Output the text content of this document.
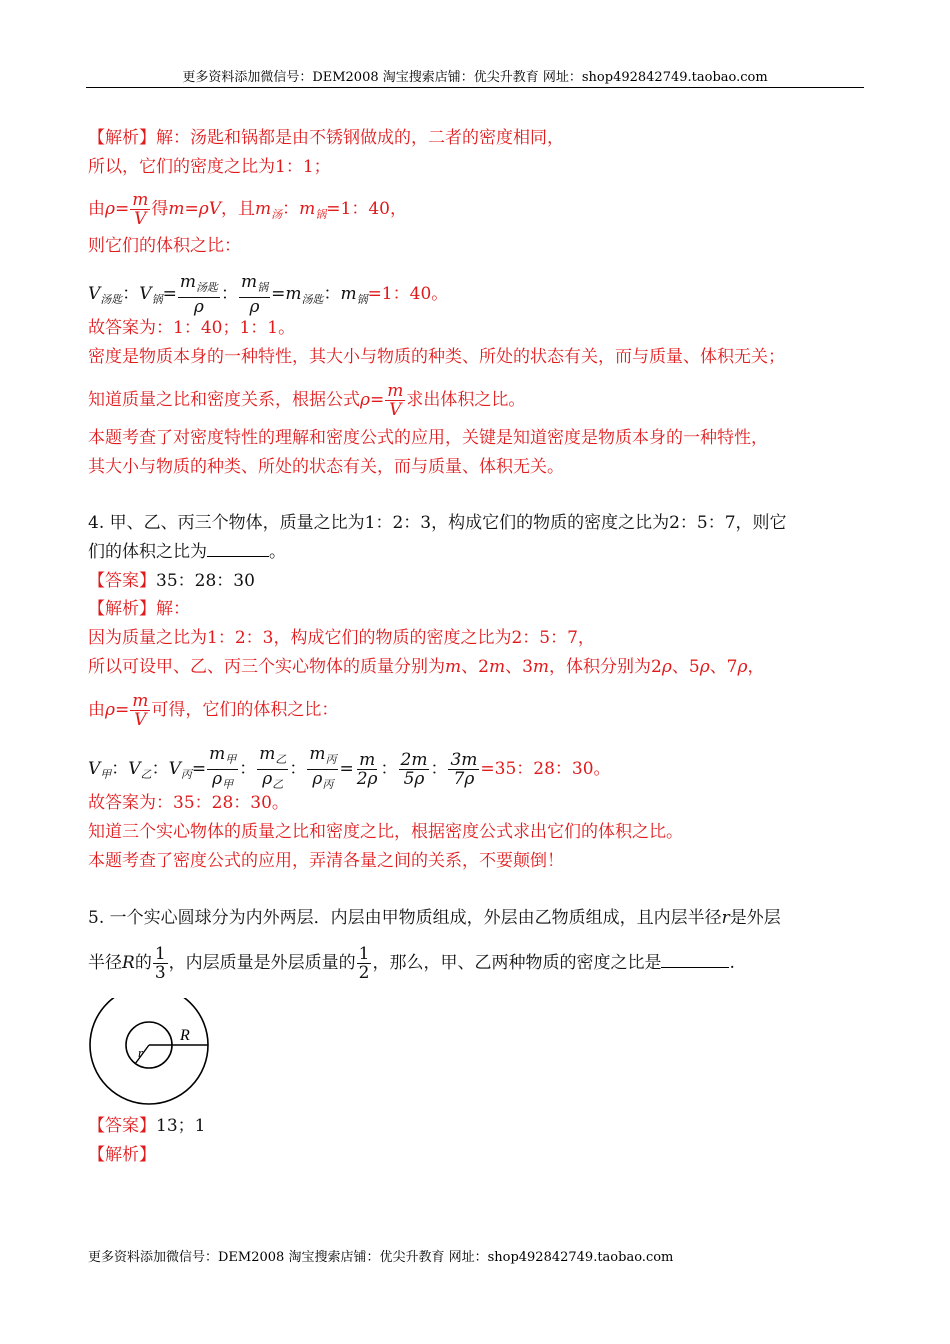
更多资料添加微信号：DEM2008 淘宝搜索店铺：优尖升教育 网址：shop492842749.taobao.com
【解析】解：汤匙和锅都是由不锈钢做成的，二者的密度相同，
所以，它们的密度之比为1：1；
由$\rho= \frac{m}{V}$ 得m=ρV，且$m_汤$：$m_锅=1$：40，
则它们的体积之比：
$V_{汤匙}$：$V_锅= \frac{m_{汤匙}}{\rho}$ ： $\frac{m_锅}{\rho} =m_{汤匙}$：$m_锅=1$：40。
故答案为：1：40；1：1。
密度是物质本身的一种特性，其大小与物质的种类、所处的状态有关，而与质量、体积无关；
知道质量之比和密度关系，根据公式$\rho= \frac{m}{V}$ 求出体积之比。
本题考查了对密度特性的理解和密度公式的应用，关键是知道密度是物质本身的一种特性，
其大小与物质的种类、所处的状态有关，而与质量、体积无关。
4. 甲、乙、丙三个物体，质量之比为1：2：3，构成它们的物质的密度之比为2：5：7，则它
们的体积之比为	。
【答案】35：28：30
【解析】解：
因为质量之比为1：2：3，构成它们的物质的密度之比为2：5：7，
所以可设甲、乙、丙三个实心物体的质量分别为m、2m、3m，体积分别为2ρ、5ρ、7ρ，
由$\rho= \frac{m}{V}$ 可得，它们的体积之比：
$V_甲$：$V_乙$：$V_丙= \frac{m_甲}{\rho_甲}$ ： $\frac{m_乙}{\rho_乙}$ ： $\frac{m_丙}{\rho_丙} = \frac{m}{2\rho}$ ： $\frac{2m}{5\rho}$ ： $\frac{3m}{7\rho} =35$：28：30。
故答案为：35：28：30。
知道三个实心物体的质量之比和密度之比，根据密度公式求出它们的体积之比。
本题考查了密度公式的应用，弄清各量之间的关系，不要颠倒！
5. 一个实心圆球分为内外两层．内层由甲物质组成，外层由乙物质组成，且内层半径r是外层
半径R的 $\frac{1}{3}$ ，内层质量是外层质量的 $\frac{1}{2}$ ，那么，甲、乙两种物质的密度之比是	.
R
r
【答案】13；1
【解析】
更多资料添加微信号：DEM2008 淘宝搜索店铺：优尖升教育 网址：shop492842749.taobao.com
